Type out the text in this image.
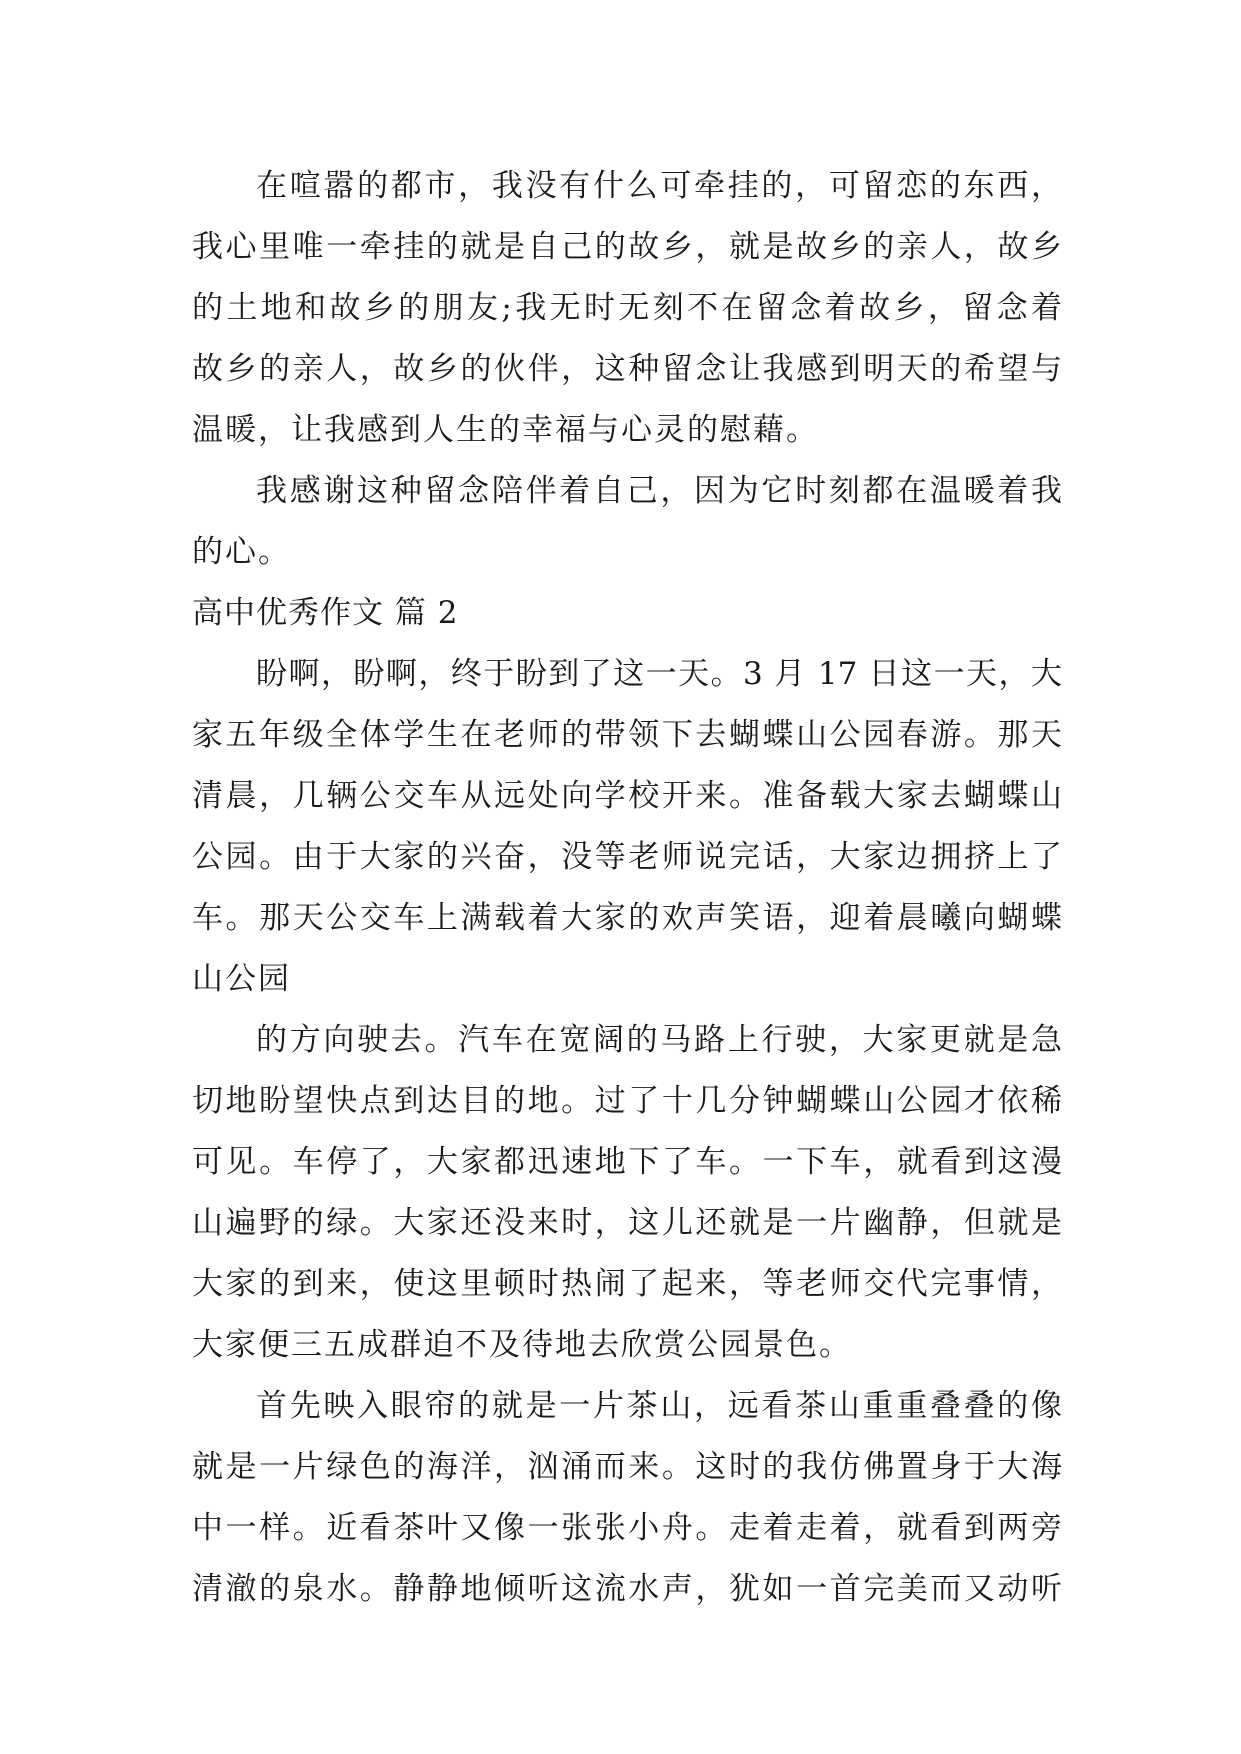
在喧嚣的都市，我没有什么可牵挂的，可留恋的东西，
我心里唯一牵挂的就是自己的故乡，就是故乡的亲人，故乡
的土地和故乡的朋友;我无时无刻不在留念着故乡，留念着
故乡的亲人，故乡的伙伴，这种留念让我感到明天的希望与
温暖，让我感到人生的幸福与心灵的慰藉。
我感谢这种留念陪伴着自己，因为它时刻都在温暖着我
的心。
高中优秀作文 篇 2
盼啊，盼啊，终于盼到了这一天。3 月 17 日这一天，大
家五年级全体学生在老师的带领下去蝴蝶山公园春游。那天
清晨，几辆公交车从远处向学校开来。准备载大家去蝴蝶山
公园。由于大家的兴奋，没等老师说完话，大家边拥挤上了
车。那天公交车上满载着大家的欢声笑语，迎着晨曦向蝴蝶
山公园
的方向驶去。汽车在宽阔的马路上行驶，大家更就是急
切地盼望快点到达目的地。过了十几分钟蝴蝶山公园才依稀
可见。车停了，大家都迅速地下了车。一下车，就看到这漫
山遍野的绿。大家还没来时，这儿还就是一片幽静，但就是
大家的到来，使这里顿时热闹了起来，等老师交代完事情，
大家便三五成群迫不及待地去欣赏公园景色。
首先映入眼帘的就是一片茶山，远看茶山重重叠叠的像
就是一片绿色的海洋，汹涌而来。这时的我仿佛置身于大海
中一样。近看茶叶又像一张张小舟。走着走着，就看到两旁
清澈的泉水。静静地倾听这流水声，犹如一首完美而又动听
